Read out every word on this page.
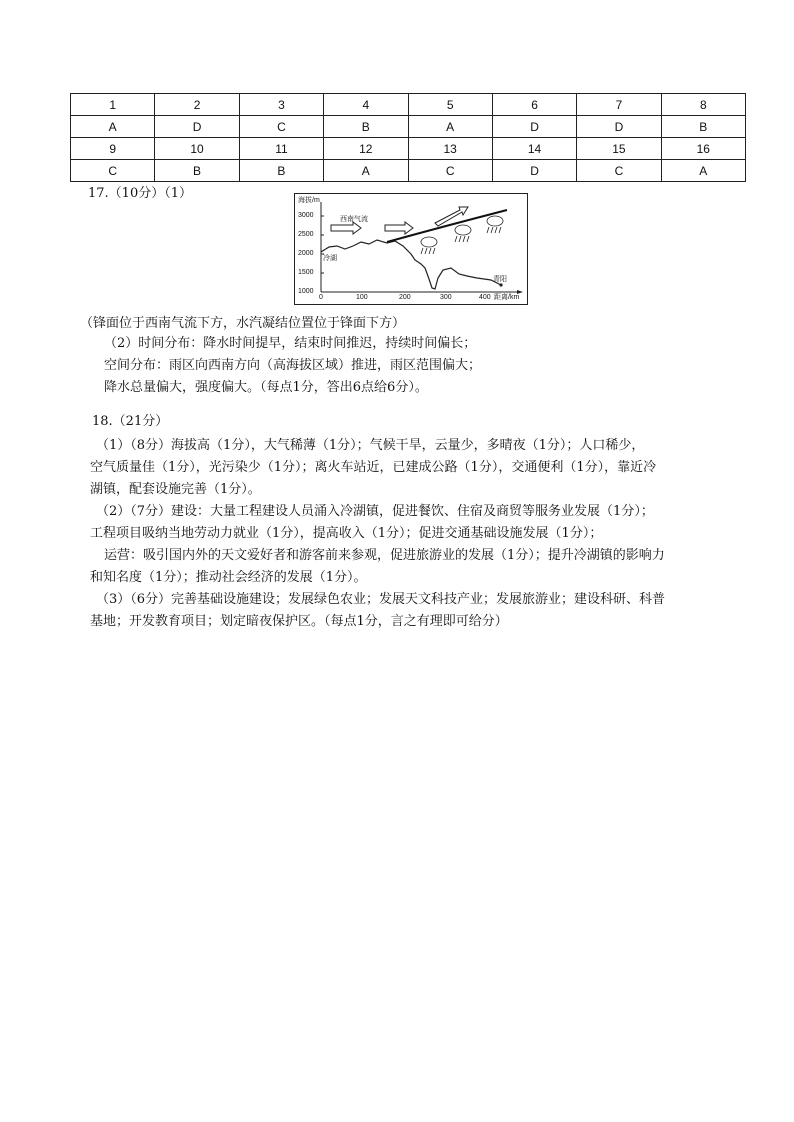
1	2	3	4	5	6	7	8
A	D	C	B	A	D	D	B
9	10	11	12	13	14	15	16
C	B	B	A	C	D	C	A
17.（10分）（1）	海拔/m
3000
2500
2000
1500
1000
0	100	200	300	400 距离/km
西南气流
冷湖
青阳
（锋面位于西南气流下方，水汽凝结位置位于锋面下方）
（2）时间分布：降水时间提早，结束时间推迟，持续时间偏长；
空间分布：雨区向西南方向（高海拔区域）推进，雨区范围偏大；
降水总量偏大，强度偏大。（每点1分，答出6点给6分）。
18.（21分）
（1）（8分）海拔高（1分），大气稀薄（1分）；气候干旱，云量少，多晴夜（1分）；人口稀少，
空气质量佳（1分），光污染少（1分）；离火车站近，已建成公路（1分），交通便利（1分），靠近冷
湖镇，配套设施完善（1分）。
（2）（7分）建设：大量工程建设人员涌入冷湖镇，促进餐饮、住宿及商贸等服务业发展（1分）；
工程项目吸纳当地劳动力就业（1分），提高收入（1分）；促进交通基础设施发展（1分）；
运营：吸引国内外的天文爱好者和游客前来参观，促进旅游业的发展（1分）；提升冷湖镇的影响力
和知名度（1分）；推动社会经济的发展（1分）。
（3）（6分）完善基础设施建设；发展绿色农业；发展天文科技产业；发展旅游业；建设科研、科普
基地；开发教育项目；划定暗夜保护区。（每点1分，言之有理即可给分）
